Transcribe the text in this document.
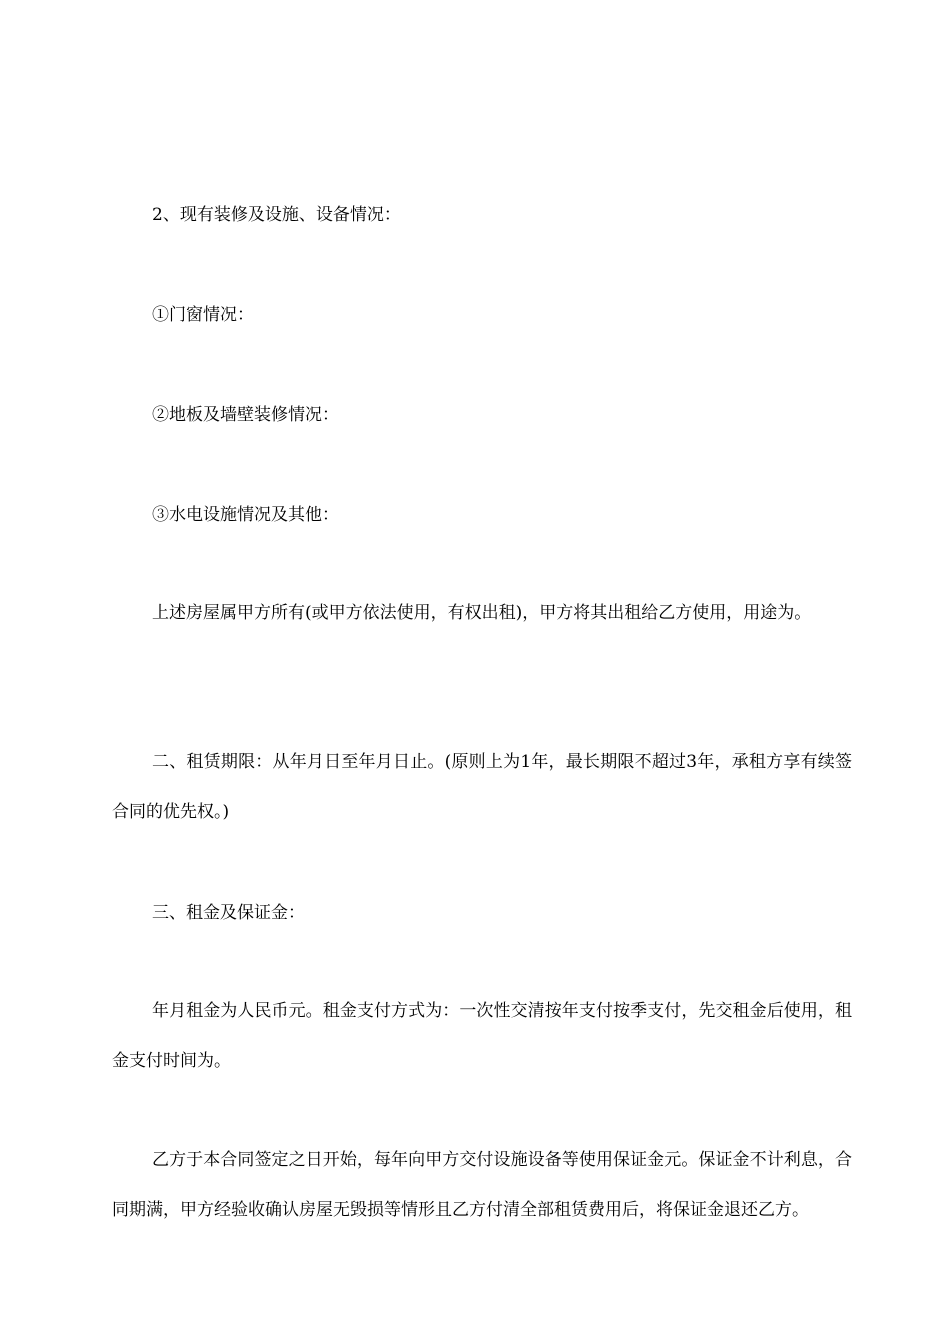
2、现有装修及设施、设备情况：

①门窗情况：

②地板及墙壁装修情况：

③水电设施情况及其他：

上述房屋属甲方所有(或甲方依法使用，有权出租)，甲方将其出租给乙方使用，用途为。

二、租赁期限：从年月日至年月日止。(原则上为1年，最长期限不超过3年，承租方享有续签合同的优先权。)

三、租金及保证金：

年月租金为人民币元。租金支付方式为：一次性交清按年支付按季支付，先交租金后使用，租金支付时间为。

乙方于本合同签定之日开始，每年向甲方交付设施设备等使用保证金元。保证金不计利息，合同期满，甲方经验收确认房屋无毁损等情形且乙方付清全部租赁费用后，将保证金退还乙方。
